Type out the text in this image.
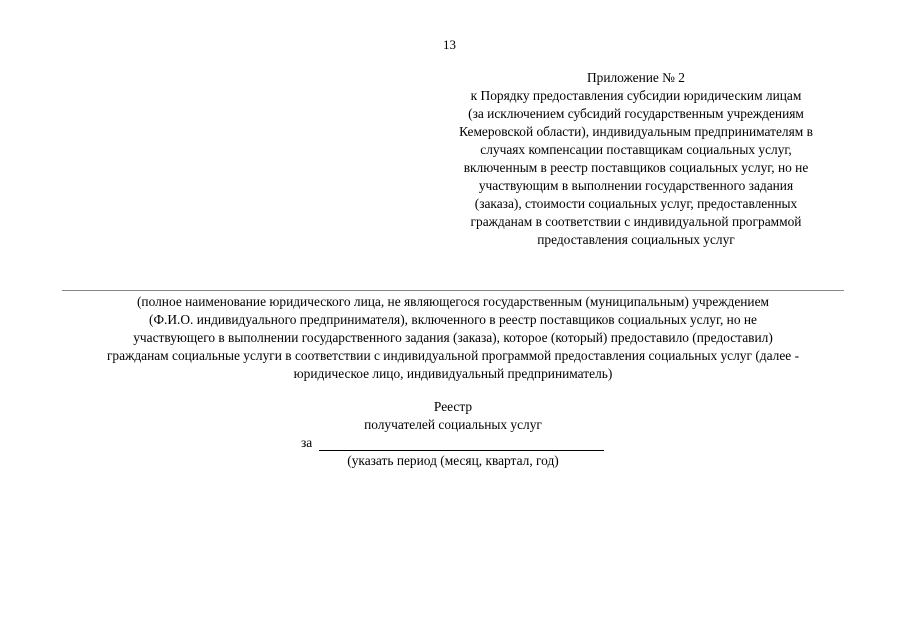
13
Приложение № 2
к Порядку предоставления субсидии юридическим лицам
(за исключением субсидий государственным учреждениям
Кемеровской области), индивидуальным предпринимателям в
случаях компенсации поставщикам социальных услуг,
включенным в реестр поставщиков социальных услуг, но не
участвующим в выполнении государственного задания
(заказа), стоимости социальных услуг, предоставленных
гражданам в соответствии с индивидуальной программой
предоставления социальных услуг
(полное наименование юридического лица, не являющегося государственным (муниципальным) учреждением
(Ф.И.О. индивидуального предпринимателя), включенного в реестр поставщиков социальных услуг, но не
участвующего в выполнении государственного задания (заказа), которое (который) предоставило (предоставил)
гражданам социальные услуги в соответствии с индивидуальной программой предоставления социальных услуг (далее -
юридическое лицо, индивидуальный предприниматель)
Реестр
получателей социальных услуг
за
(указать период (месяц, квартал, год)
